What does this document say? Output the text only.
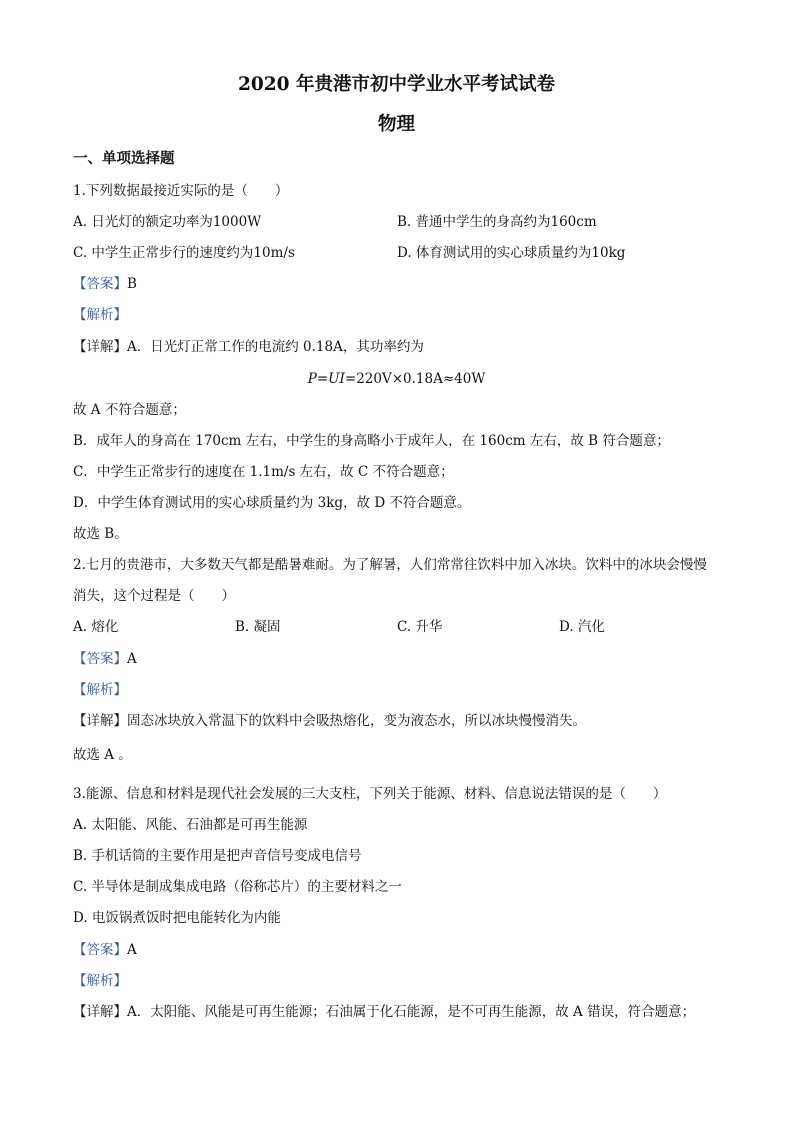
2020 年贵港市初中学业水平考试试卷
物理
一、单项选择题
1.下列数据最接近实际的是（　　）
A. 日光灯的额定功率为1000W	B. 普通中学生的身高约为160cm
C. 中学生正常步行的速度约为10m/s	D. 体育测试用的实心球质量约为10kg
【答案】B
【解析】
【详解】A．日光灯正常工作的电流约 0.18A，其功率约为
P=UI=220V×0.18A≈40W
故 A 不符合题意；
B．成年人的身高在 170cm 左右，中学生的身高略小于成年人，在 160cm 左右，故 B 符合题意；
C．中学生正常步行的速度在 1.1m/s 左右，故 C 不符合题意；
D．中学生体育测试用的实心球质量约为 3kg，故 D 不符合题意。
故选 B。
2.七月的贵港市，大多数天气都是酷暑难耐。为了解暑，人们常常往饮料中加入冰块。饮料中的冰块会慢慢
消失，这个过程是（　　）
A. 熔化	B. 凝固	C. 升华	D. 汽化
【答案】A
【解析】
【详解】固态冰块放入常温下的饮料中会吸热熔化，变为液态水，所以冰块慢慢消失。
故选 A 。
3.能源、信息和材料是现代社会发展的三大支柱，下列关于能源、材料、信息说法错误的是（　　）
A. 太阳能、风能、石油都是可再生能源
B. 手机话筒的主要作用是把声音信号变成电信号
C. 半导体是制成集成电路（俗称芯片）的主要材料之一
D. 电饭锅煮饭时把电能转化为内能
【答案】A
【解析】
【详解】A．太阳能、风能是可再生能源；石油属于化石能源，是不可再生能源，故 A 错误，符合题意；
